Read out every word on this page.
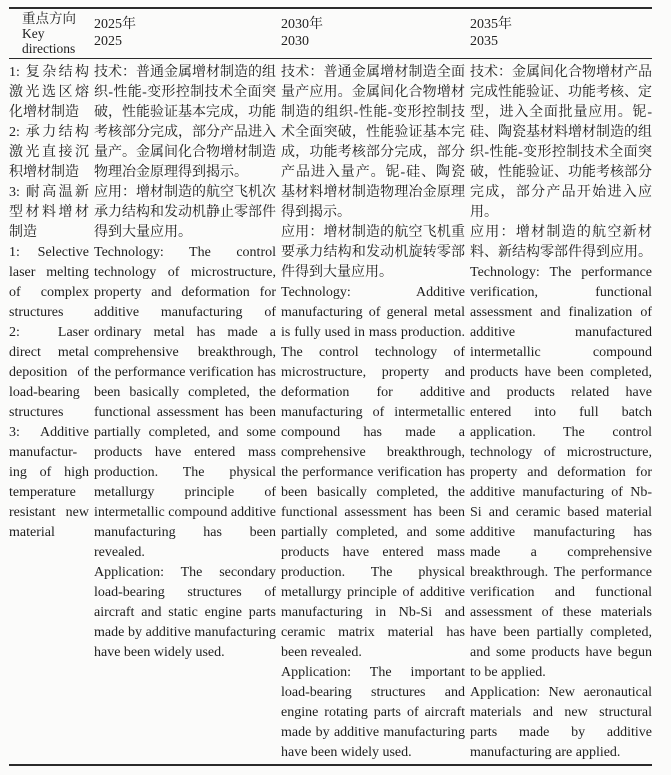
重点方向
Key
directions
2025年
2025
2030年
2030
2035年
2035

1: 复杂结构激光选区熔化增材制造

2: 承力结构激光直接沉积增材制造

3: 耐高温新型材料增材制造

1: Selective laser melting of complex structures

2: Laser direct metal deposition of load-bearing structures

3: Additive manufactur-ing of high temperature resistant new material

技术：普通金属增材制造的组织-性能-变形控制技术全面突破，性能验证基本完成，功能考核部分完成，部分产品进入量产。金属间化合物增材制造物理冶金原理得到揭示。

应用：增材制造的航空飞机次承力结构和发动机静止零部件得到大量应用。

Technology: The control technology of microstructure, property and deformation for additive manufacturing of ordinary metal has made a comprehensive breakthrough, the performance verification has been basically completed, the functional assessment has been partially completed, and some products have entered mass production. The physical metallurgy principle of intermetallic compound additive manufacturing has been revealed.

Application: The secondary load-bearing structures of aircraft and static engine parts made by additive manufacturing have been widely used.

技术：普通金属增材制造全面量产应用。金属间化合物增材制造的组织-性能-变形控制技术全面突破，性能验证基本完成，功能考核部分完成，部分产品进入量产。铌-硅、陶瓷基材料增材制造物理冶金原理得到揭示。

应用：增材制造的航空飞机重要承力结构和发动机旋转零部件得到大量应用。

Technology: Additive manufacturing of general metal is fully used in mass production. The control technology of microstructure, property and deformation for additive manufacturing of intermetallic compound has made a comprehensive breakthrough, the performance verification has been basically completed, the functional assessment has been partially completed, and some products have entered mass production. The physical metallurgy principle of additive manufacturing in Nb-Si and ceramic matrix material has been revealed.

Application: The important load-bearing structures and engine rotating parts of aircraft made by additive manufacturing have been widely used.

技术：金属间化合物增材产品完成性能验证、功能考核、定型，进入全面批量应用。铌-硅、陶瓷基材料增材制造的组织-性能-变形控制技术全面突破，性能验证、功能考核部分完成，部分产品开始进入应用。

应用：增材制造的航空新材料、新结构零部件得到应用。

Technology: The performance verification, functional assessment and finalization of additive manufactured intermetallic compound products have been completed, and products related have entered into full batch application. The control technology of microstructure, property and deformation for additive manufacturing of Nb-Si and ceramic based material additive manufacturing has made a comprehensive breakthrough. The performance verification and functional assessment of these materials have been partially completed, and some products have begun to be applied.

Application: New aeronautical materials and new structural parts made by additive manufacturing are applied.
